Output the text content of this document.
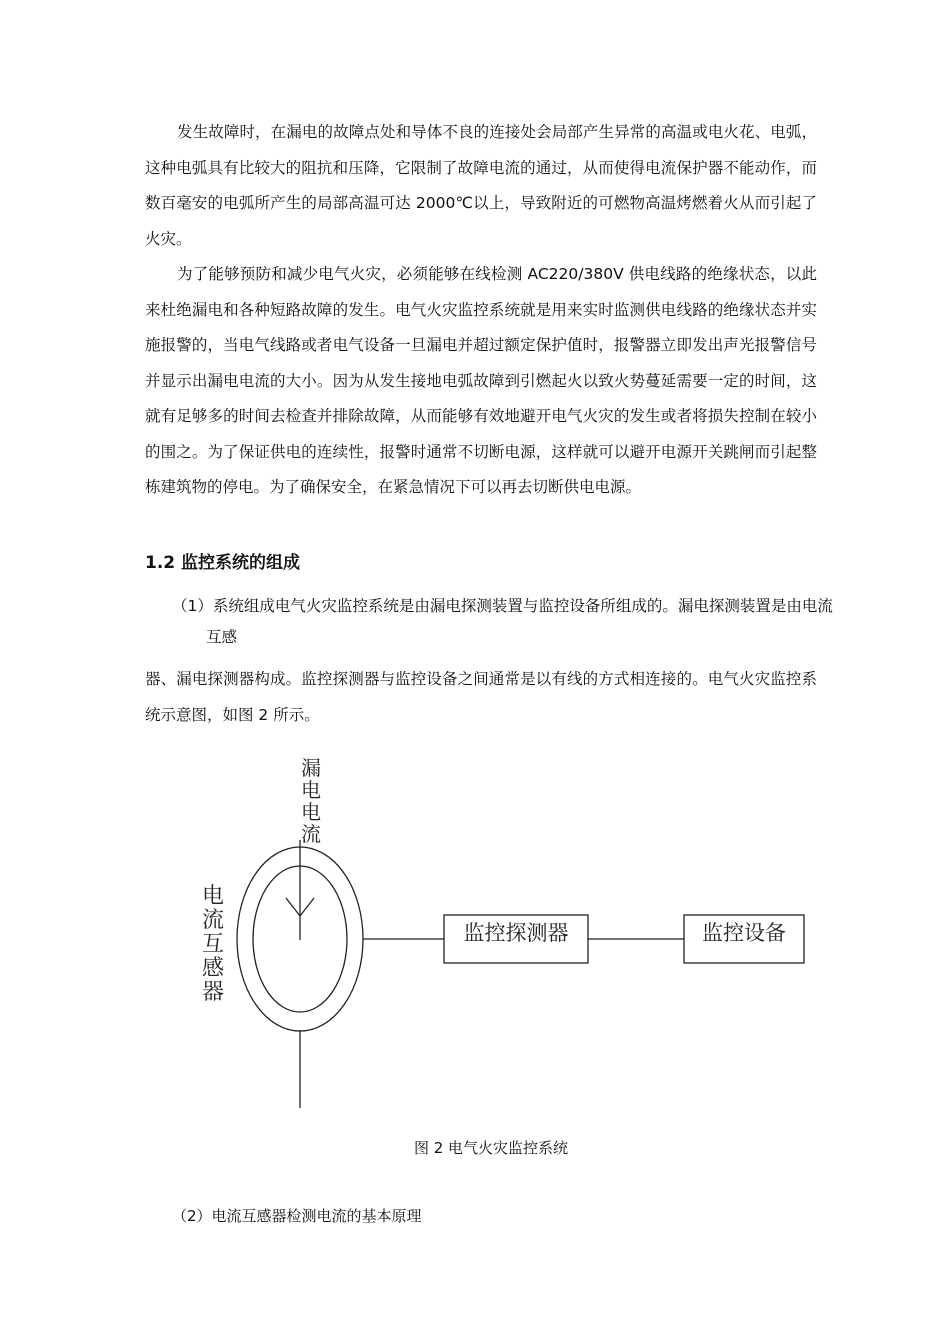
发生故障时，在漏电的故障点处和导体不良的连接处会局部产生异常的高温或电火花、电弧，这种电弧具有比较大的阻抗和压降，它限制了故障电流的通过，从而使得电流保护器不能动作，而数百毫安的电弧所产生的局部高温可达 2000℃以上，导致附近的可燃物高温烤燃着火从而引起了火灾。

为了能够预防和减少电气火灾，必须能够在线检测 AC220/380V 供电线路的绝缘状态，以此来杜绝漏电和各种短路故障的发生。电气火灾监控系统就是用来实时监测供电线路的绝缘状态并实施报警的，当电气线路或者电气设备一旦漏电并超过额定保护值时，报警器立即发出声光报警信号并显示出漏电电流的大小。因为从发生接地电弧故障到引燃起火以致火势蔓延需要一定的时间，这就有足够多的时间去检查并排除故障，从而能够有效地避开电气火灾的发生或者将损失控制在较小的围之。为了保证供电的连续性，报警时通常不切断电源，这样就可以避开电源开关跳闸而引起整栋建筑物的停电。为了确保安全，在紧急情况下可以再去切断供电电源。

1.2 监控系统的组成

（1）系统组成电气火灾监控系统是由漏电探测装置与监控设备所组成的。漏电探测装置是由电流互感

器、漏电探测器构成。监控探测器与监控设备之间通常是以有线的方式相连接的。电气火灾监控系统示意图，如图 2 所示。

漏
电
电
流
电
流
互
感
器
监控探测器	监控设备

图 2 电气火灾监控系统

（2）电流互感器检测电流的基本原理
